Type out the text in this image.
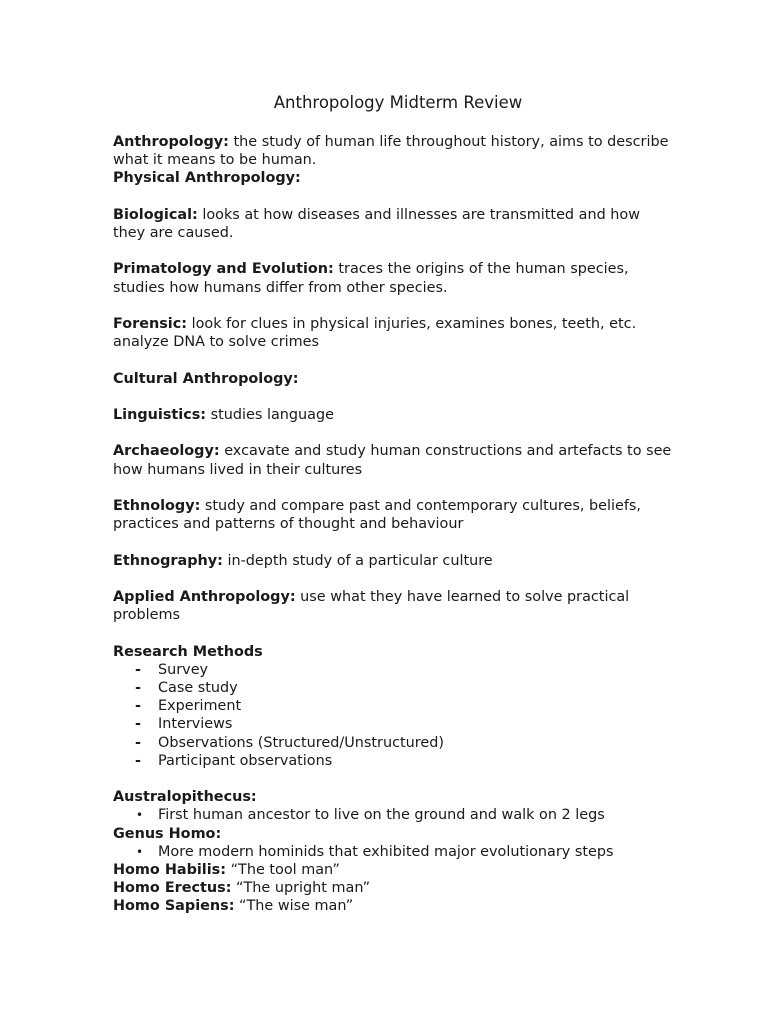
Anthropology Midterm Review

Anthropology: the study of human life throughout history, aims to describe what it means to be human.

Physical Anthropology:

Biological: looks at how diseases and illnesses are transmitted and how they are caused.

Primatology and Evolution: traces the origins of the human species, studies how humans differ from other species.

Forensic: look for clues in physical injuries, examines bones, teeth, etc. analyze DNA to solve crimes

Cultural Anthropology:

Linguistics: studies language

Archaeology: excavate and study human constructions and artefacts to see how humans lived in their cultures

Ethnology: study and compare past and contemporary cultures, beliefs, practices and patterns of thought and behaviour

Ethnography: in-depth study of a particular culture

Applied Anthropology: use what they have learned to solve practical problems

Research Methods

- Survey
- Case study
- Experiment
- Interviews
- Observations (Structured/Unstructured)
- Participant observations

Australopithecus:

• First human ancestor to live on the ground and walk on 2 legs

Genus Homo:

• More modern hominids that exhibited major evolutionary steps

Homo Habilis: “The tool man”

Homo Erectus: “The upright man”

Homo Sapiens: “The wise man”
